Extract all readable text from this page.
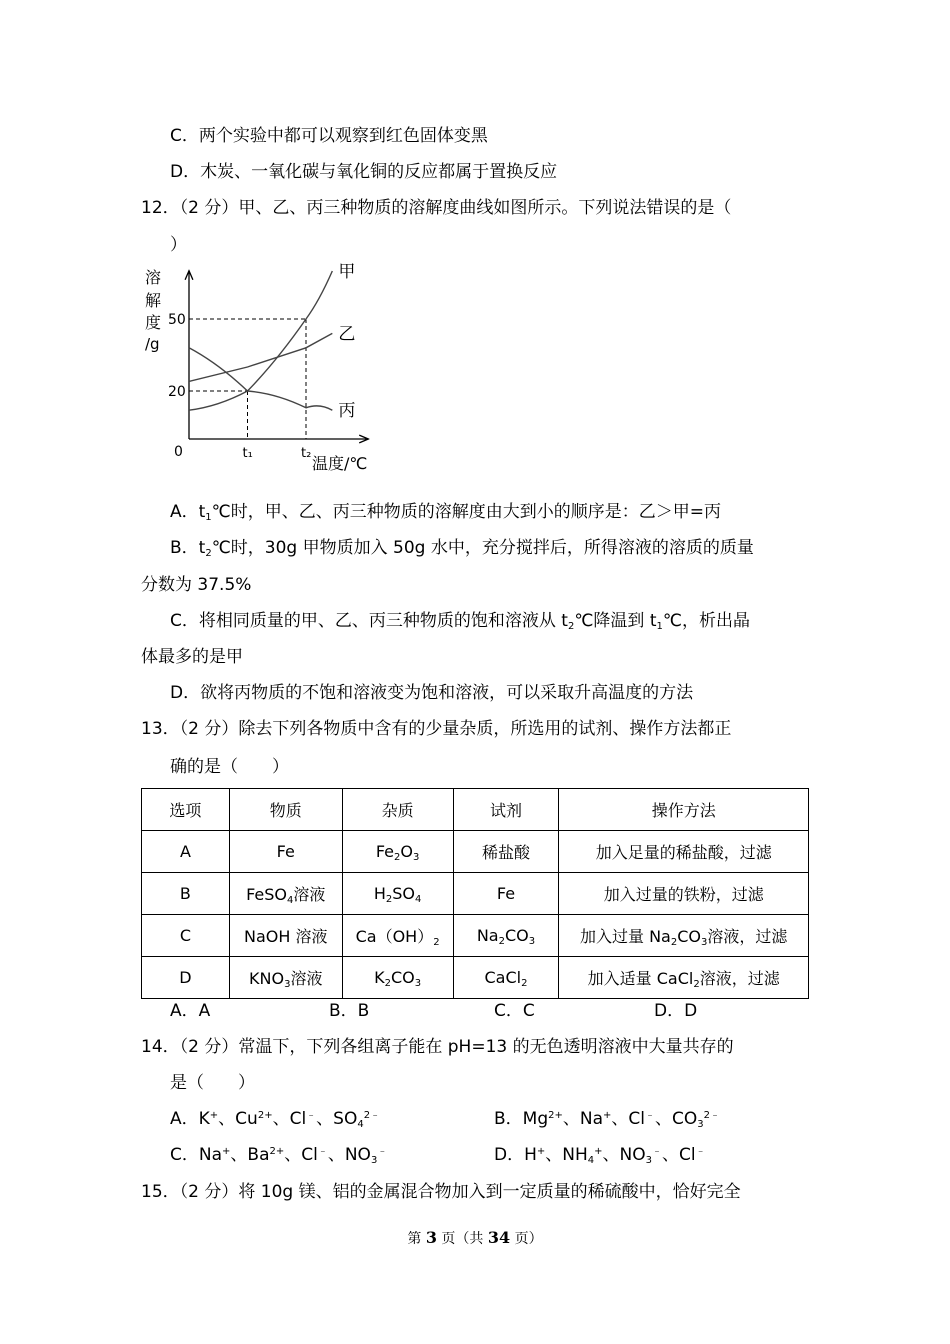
C．两个实验中都可以观察到红色固体变黑
D．木炭、一氧化碳与氧化铜的反应都属于置换反应
12．（2 分）甲、乙、丙三种物质的溶解度曲线如图所示。下列说法错误的是（
）
溶
解
度
/g
0
20
t₁
50
t₂
甲
乙
丙
温度/℃
A．$t_1℃$时，甲、乙、丙三种物质的溶解度由大到小的顺序是：乙＞甲=丙
B．$t_2℃$时，30g 甲物质加入 50g 水中，充分搅拌后，所得溶液的溶质的质量
分数为 37.5%
C．将相同质量的甲、乙、丙三种物质的饱和溶液从 $t_2℃$降温到 $t_1℃$，析出晶
体最多的是甲
D．欲将丙物质的不饱和溶液变为饱和溶液，可以采取升高温度的方法
13．（2 分）除去下列各物质中含有的少量杂质，所选用的试剂、操作方法都正
确的是（　　）
选项	物质	杂质	试剂	操作方法
A	Fe	$Fe_2O_3$	稀盐酸	加入足量的稀盐酸，过滤
B	FeSO$_4$溶液	$H_2SO_4$	Fe	加入过量的铁粉，过滤
C	NaOH 溶液	$Ca(OH)_2$	$Na_2CO_3$	加入过量 $Na_2CO_3$溶液，过滤
D	$KNO_3$溶液	$K_2CO_3$	CaCl$_2$	加入适量 CaCl$_2$溶液，过滤
A．A	B．B	C．C	D．D
14．（2 分）常温下，下列各组离子能在 pH=13 的无色透明溶液中大量共存的
是（　　）
A．K+、$Cu^{2+}$、Cl﹣、$SO_4^{2﹣}$	B．$Mg^{2+}$、Na+、Cl﹣、$CO_3^{2﹣}$
C．Na+、$Ba^{2+}$、Cl﹣、$NO_3^﹣$	D．H+、$NH_4^+$、$NO_3^﹣$、Cl﹣
15．（2 分）将 10g 镁、铝的金属混合物加入到一定质量的稀硫酸中，恰好完全
第 3 页（共 34 页）
